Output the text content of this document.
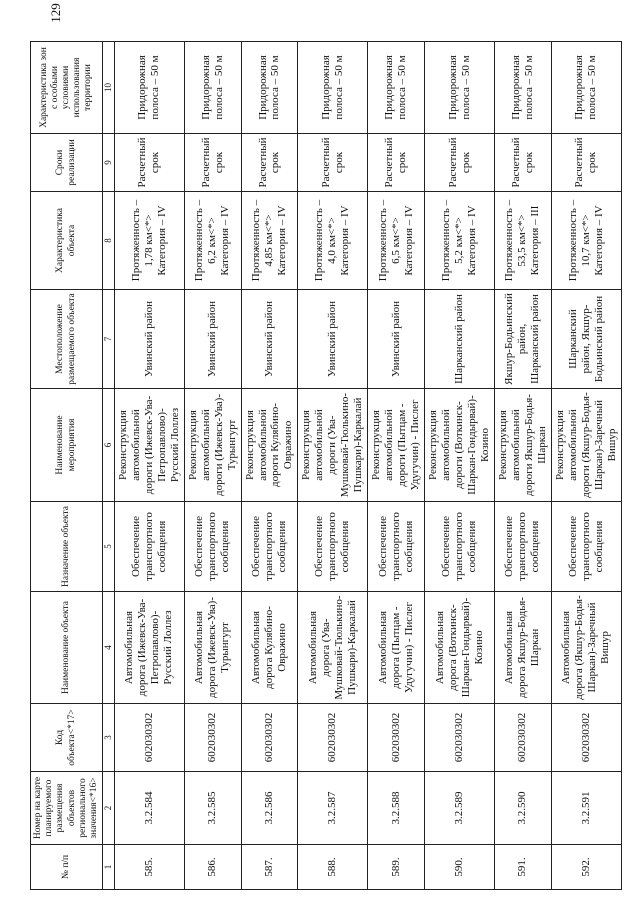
№ п/п	Номер на карте планируемого размещения объектов регионального значения<*16>	Код объекта<*17>	Наименование объекта	Назначение объекта	Наименование мероприятия	Местоположение размещаемого объекта	Характеристика объекта	Сроки реализации	Характеристика зон с особыми условиями использования территории
1	2	3	4	5	6	7	8	9	10
585.	3.2.584	602030302	Автомобильная дорога (Ижевск-Ува-Петропавлово)-Русский Лоллез	Обеспечение транспортного сообщения	Реконструкция автомобильной дороги (Ижевск-Ува-Петропавлово)-Русский Лоллез	Увинский район	Протяженность – 1,78 км<*> Категория – IV	Расчетный срок	Придорожная полоса – 50 м
586.	3.2.585	602030302	Автомобильная дорога (Ижевск-Ува)-Турынгурт	Обеспечение транспортного сообщения	Реконструкция автомобильной дороги (Ижевск-Ува)-Турынгурт	Увинский район	Протяженность – 6,2 км<*> Категория – IV	Расчетный срок	Придорожная полоса – 50 м
587.	3.2.586	602030302	Автомобильная дорога Кулябино-Овражино	Обеспечение транспортного сообщения	Реконструкция автомобильной дороги Кулябино-Овражино	Увинский район	Протяженность – 4,85 км<*> Категория – IV	Расчетный срок	Придорожная полоса – 50 м
588.	3.2.587	602030302	Автомобильная дорога (Ува-Мушковай-Тюлькино-Пушкари)-Каркалай	Обеспечение транспортного сообщения	Реконструкция автомобильной дороги (Ува-Мушковай-Тюлькино-Пушкари)-Каркалай	Увинский район	Протяженность – 4,0 км<*> Категория – IV	Расчетный срок	Придорожная полоса – 50 м
589.	3.2.588	602030302	Автомобильная дорога (Пытцам - Удугучин) - Пислег	Обеспечение транспортного сообщения	Реконструкция автомобильной дороги (Пытцам - Удугучин) - Пислег	Увинский район	Протяженность – 6,5 км<*> Категория – IV	Расчетный срок	Придорожная полоса – 50 м
590.	3.2.589	602030302	Автомобильная дорога (Воткинск-Шаркан-Гондырвай)-Козино	Обеспечение транспортного сообщения	Реконструкция автомобильной дороги (Воткинск-Шаркан-Гондырвай)-Козино	Шарканский район	Протяженность – 5,2 км<*> Категория – IV	Расчетный срок	Придорожная полоса – 50 м
591.	3.2.590	602030302	Автомобильная дорога Якшур-Бодья-Шаркан	Обеспечение транспортного сообщения	Реконструкция автомобильной дороги Якшур-Бодья-Шаркан	Якшур-Бодьинский район, Шарканский район	Протяженность – 53,5 км<*> Категория – III	Расчетный срок	Придорожная полоса – 50 м
592.	3.2.591	602030302	Автомобильная дорога (Якшур-Бодья-Шаркан)-Заречный Вишур	Обеспечение транспортного сообщения	Реконструкция автомобильной дороги (Якшур-Бодья-Шаркан)-Заречный Вишур	Шарканский район, Якшур-Бодьинский район	Протяженность – 10,7 км<*> Категория – IV	Расчетный срок	Придорожная полоса – 50 м
129
